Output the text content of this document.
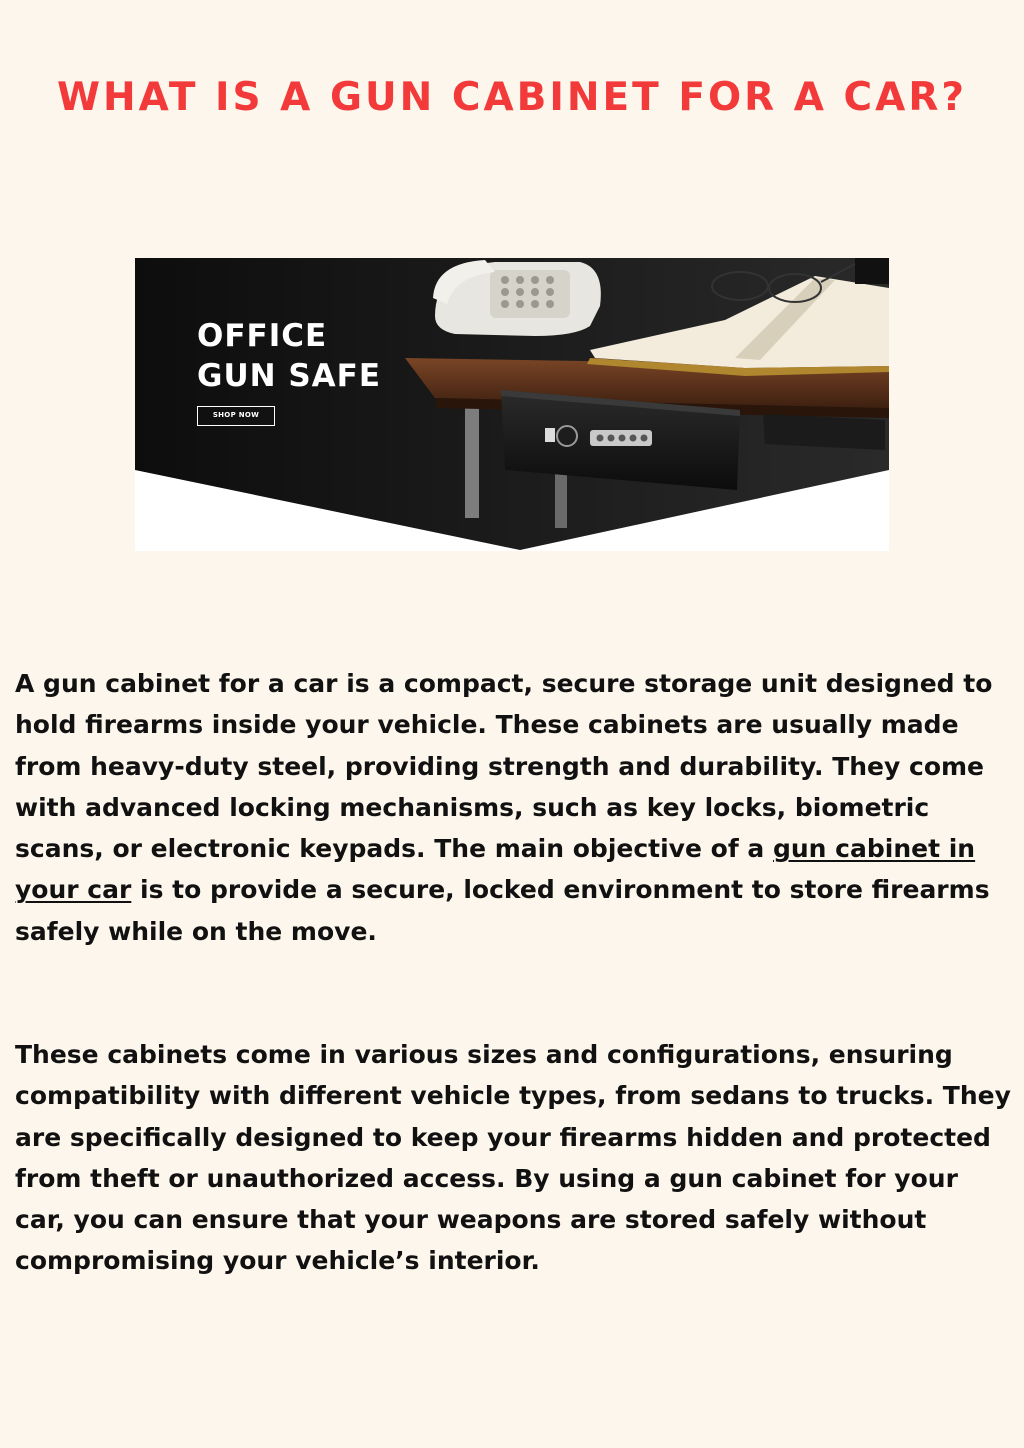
WHAT IS A GUN CABINET FOR A CAR?
OFFICE
GUN SAFE
SHOP NOW

A gun cabinet for a car is a compact, secure storage unit designed to hold firearms inside your vehicle. These cabinets are usually made from heavy-duty steel, providing strength and durability. They come with advanced locking mechanisms, such as key locks, biometric scans, or electronic keypads. The main objective of a gun cabinet in your car is to provide a secure, locked environment to store firearms safely while on the move.

These cabinets come in various sizes and configurations, ensuring compatibility with different vehicle types, from sedans to trucks. They are specifically designed to keep your firearms hidden and protected from theft or unauthorized access. By using a gun cabinet for your car, you can ensure that your weapons are stored safely without compromising your vehicle’s interior.
